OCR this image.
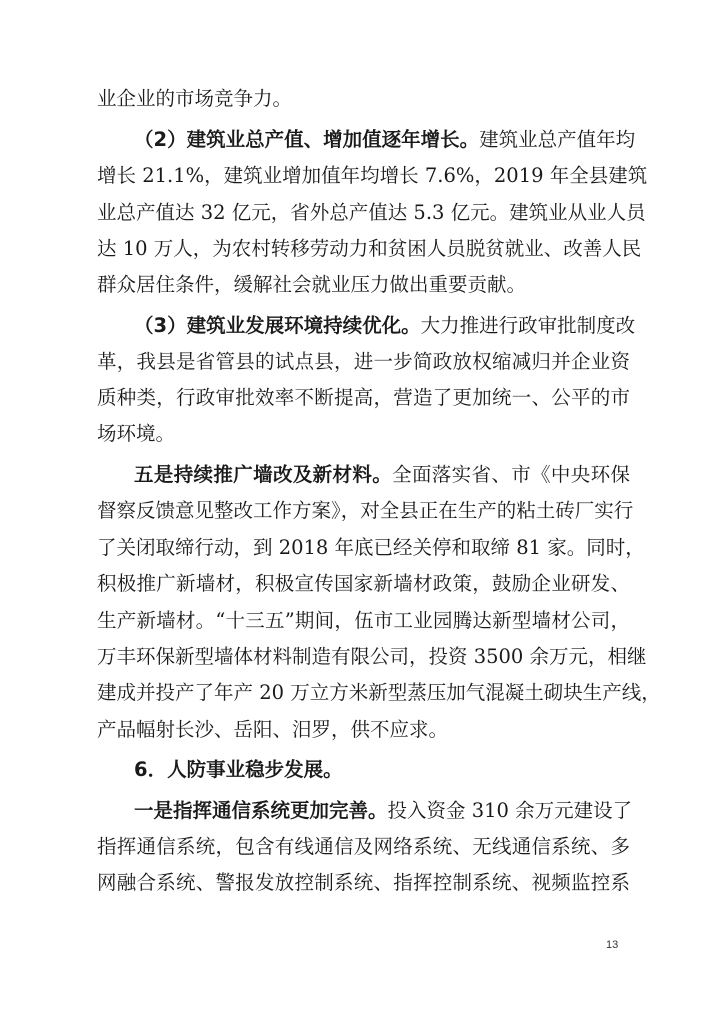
业企业的市场竞争力。
（2）建筑业总产值、增加值逐年增长。建筑业总产值年均
增长 21.1%，建筑业增加值年均增长 7.6%，2019 年全县建筑
业总产值达 32 亿元，省外总产值达 5.3 亿元。建筑业从业人员
达 10 万人，为农村转移劳动力和贫困人员脱贫就业、改善人民
群众居住条件，缓解社会就业压力做出重要贡献。
（3）建筑业发展环境持续优化。大力推进行政审批制度改
革，我县是省管县的试点县，进一步简政放权缩减归并企业资
质种类，行政审批效率不断提高，营造了更加统一、公平的市
场环境。
五是持续推广墙改及新材料。全面落实省、市《中央环保
督察反馈意见整改工作方案》，对全县正在生产的粘土砖厂实行
了关闭取缔行动，到 2018 年底已经关停和取缔 81 家。同时，
积极推广新墙材，积极宣传国家新墙材政策，鼓励企业研发、
生产新墙材。“十三五”期间，伍市工业园腾达新型墙材公司，
万丰环保新型墙体材料制造有限公司，投资 3500 余万元，相继
建成并投产了年产 20 万立方米新型蒸压加气混凝土砌块生产线，
产品幅射长沙、岳阳、汨罗，供不应求。
6．人防事业稳步发展。
一是指挥通信系统更加完善。投入资金 310 余万元建设了
指挥通信系统，包含有线通信及网络系统、无线通信系统、多
网融合系统、警报发放控制系统、指挥控制系统、视频监控系
13
